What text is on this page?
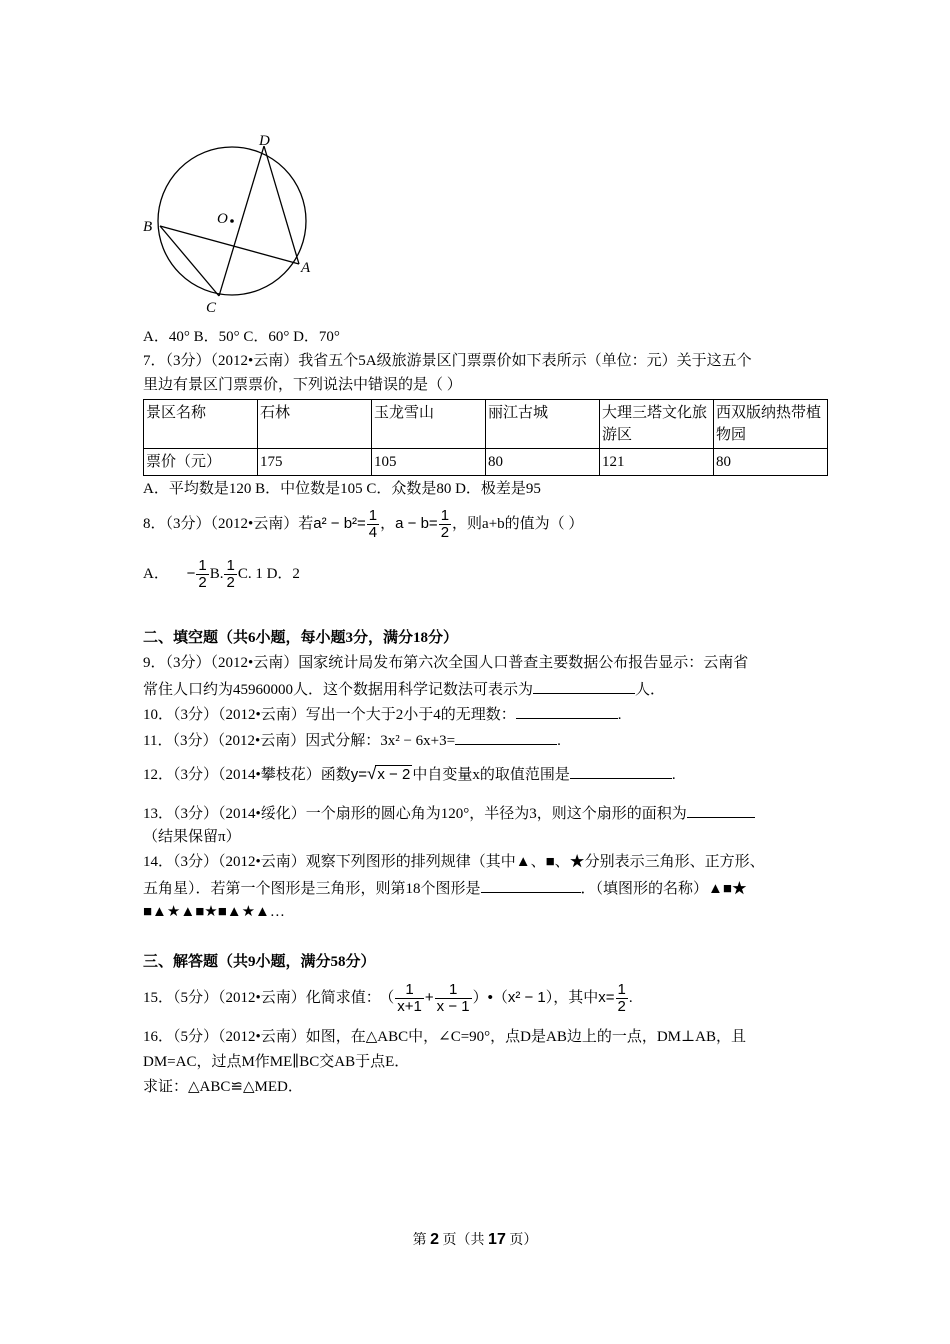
D
B	O
A
C
A．40° B．50° C．60° D．70°
7．（3分）（2012•云南）我省五个5A级旅游景区门票票价如下表所示（单位：元）关于这五个
里边有景区门票票价，下列说法中错误的是（ ）
景区名称	石林	玉龙雪山	丽江古城	大理三塔文化旅游区	西双版纳热带植物园
票价（元）	175	105	80	121	80
A．平均数是120 B．中位数是105 C．众数是80 D．极差是95
8．（3分）（2012•云南）若$a^2 - b^2= \frac{1}{4}$ ，$a - b= \frac{1}{2}$ ，则a+b的值为（ ）
A． − $\frac{1}{2} B$. $\frac{1}{2} C$. 1 D．2
二、填空题（共6小题，每小题3分，满分18分）
9．（3分）（2012•云南）国家统计局发布第六次全国人口普查主要数据公布报告显示：云南省
常住人口约为45960000人．这个数据用科学记数法可表示为	人．
10．（3分）（2012•云南）写出一个大于2小于4的无理数：	.
11．（3分）（2012•云南）因式分解：3x² − 6x+3=	.
12．（3分）（2014•攀枝花）函数y=√x − 2 中自变量x的取值范围是	.
13．（3分）（2014•绥化）一个扇形的圆心角为120°，半径为3，则这个扇形的面积为
（结果保留π）
14．（3分）（2012•云南）观察下列图形的排列规律（其中▲、■、★分别表示三角形、正方形、
五角星）．若第一个图形是三角形，则第18个图形是	．（填图形的名称）▲■★
■▲★▲■★■▲★▲…
三、解答题（共9小题，满分58分）
15．（5分）（2012•云南）化简求值： （ $\frac{1}{x+1} + \frac{1}{x - 1}$ ）•（x² − 1），其中$x= \frac{1}{2}$ .
16．（5分）（2012•云南）如图，在△ABC中，∠C=90°，点D是AB边上的一点，DM⊥AB，且
DM=AC，过点M作ME∥BC交AB于点E．
求证：△ABC≌△MED．
第 2 页（共 17 页）
